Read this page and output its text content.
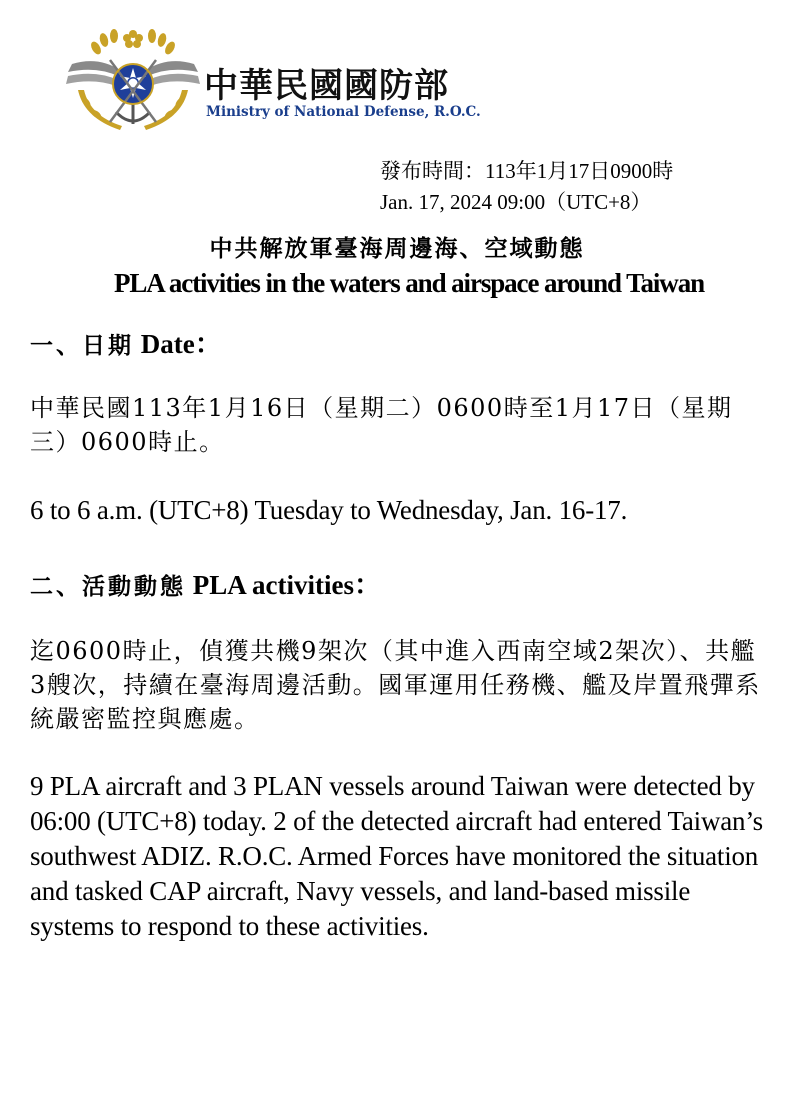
中華民國國防部
Ministry of National Defense, R.O.C.
發布時間：113年1月17日0900時
Jan. 17, 2024 09:00（UTC+8）
中共解放軍臺海周邊海、空域動態
PLA activities in the waters and airspace around Taiwan
一、日期 Date：
中華民國113年1月16日（星期二）0600時至1月17日（星期三）0600時止。
6 to 6 a.m. (UTC+8) Tuesday to Wednesday, Jan. 16-17.
二、活動動態 PLA activities：
迄0600時止，偵獲共機9架次（其中進入西南空域2架次）、共艦3艘次，持續在臺海周邊活動。國軍運用任務機、艦及岸置飛彈系統嚴密監控與應處。
9 PLA aircraft and 3 PLAN vessels around Taiwan were detected by 06:00 (UTC+8) today. 2 of the detected aircraft had entered Taiwan’s southwest ADIZ. R.O.C. Armed Forces have monitored the situation and tasked CAP aircraft, Navy vessels, and land-based missile systems to respond to these activities.
